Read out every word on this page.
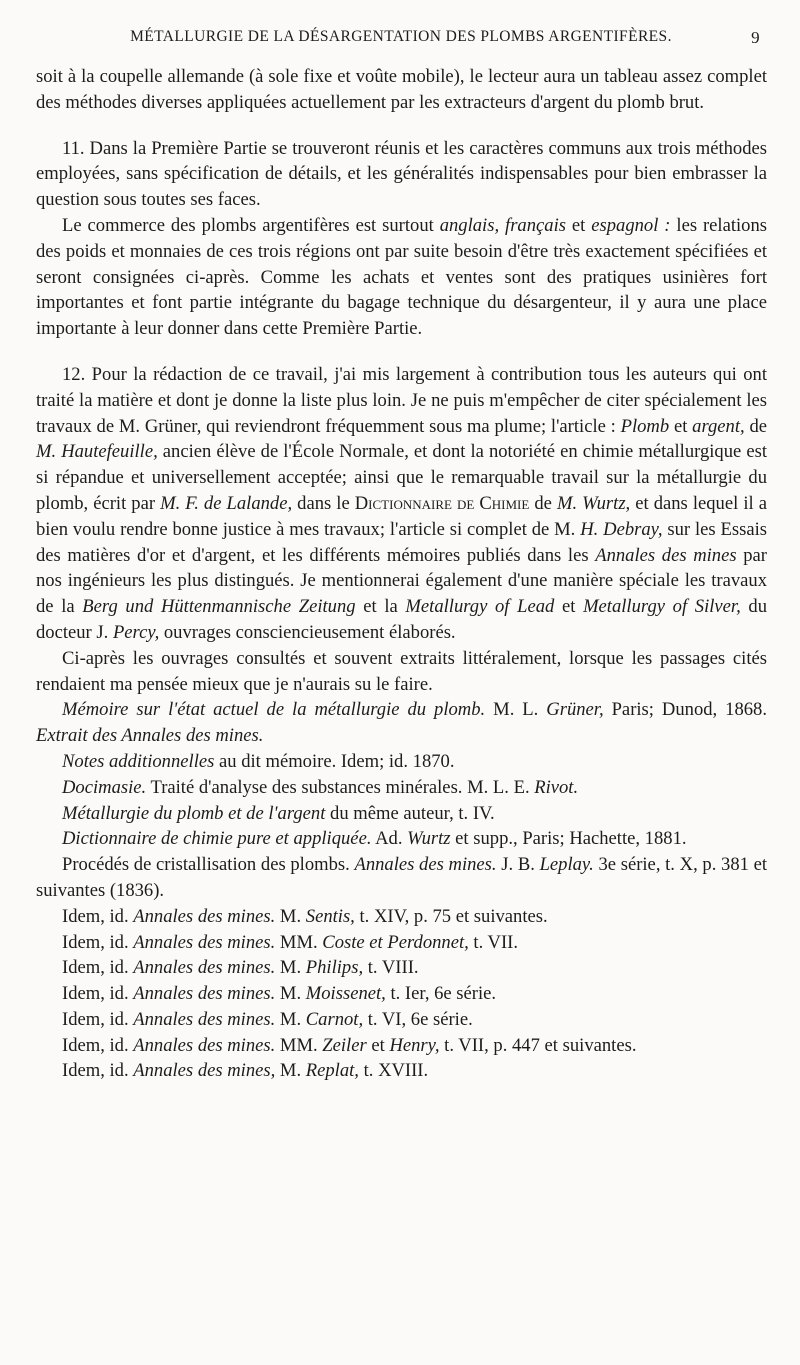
MÉTALLURGIE DE LA DÉSARGENTATION DES PLOMBS ARGENTIFÈRES.	9

soit à la coupelle allemande (à sole fixe et voûte mobile), le lecteur aura un tableau assez complet des méthodes diverses appliquées actuellement par les extracteurs d'argent du plomb brut.

11. Dans la Première Partie se trouveront réunis et les caractères communs aux trois méthodes employées, sans spécification de détails, et les généralités indispensables pour bien embrasser la question sous toutes ses faces.

Le commerce des plombs argentifères est surtout anglais, français et espagnol : les relations des poids et monnaies de ces trois régions ont par suite besoin d'être très exactement spécifiées et seront consignées ci-après. Comme les achats et ventes sont des pratiques usinières fort importantes et font partie intégrante du bagage technique du désargenteur, il y aura une place importante à leur donner dans cette Première Partie.

12. Pour la rédaction de ce travail, j'ai mis largement à contribution tous les auteurs qui ont traité la matière et dont je donne la liste plus loin. Je ne puis m'empêcher de citer spécialement les travaux de M. Grüner, qui reviendront fréquemment sous ma plume; l'article : Plomb et argent, de M. Hautefeuille, ancien élève de l'École Normale, et dont la notoriété en chimie métallurgique est si répandue et universellement acceptée; ainsi que le remarquable travail sur la métallurgie du plomb, écrit par M. F. de Lalande, dans le Dictionnaire de Chimie de M. Wurtz, et dans lequel il a bien voulu rendre bonne justice à mes travaux; l'article si complet de M. H. Debray, sur les Essais des matières d'or et d'argent, et les différents mémoires publiés dans les Annales des mines par nos ingénieurs les plus distingués. Je mentionnerai également d'une manière spéciale les travaux de la Berg und Hüttenmannische Zeitung et la Metallurgy of Lead et Metallurgy of Silver, du docteur J. Percy, ouvrages consciencieusement élaborés.

Ci-après les ouvrages consultés et souvent extraits littéralement, lorsque les passages cités rendaient ma pensée mieux que je n'aurais su le faire.

Mémoire sur l'état actuel de la métallurgie du plomb. M. L. Grüner, Paris; Dunod, 1868. Extrait des Annales des mines.

Notes additionnelles au dit mémoire. Idem; id. 1870.

Docimasie. Traité d'analyse des substances minérales. M. L. E. Rivot.

Métallurgie du plomb et de l'argent du même auteur, t. IV.

Dictionnaire de chimie pure et appliquée. Ad. Wurtz et supp., Paris; Hachette, 1881.

Procédés de cristallisation des plombs. Annales des mines. J. B. Leplay. 3e série, t. X, p. 381 et suivantes (1836).

Idem, id. Annales des mines. M. Sentis, t. XIV, p. 75 et suivantes.

Idem, id. Annales des mines. MM. Coste et Perdonnet, t. VII.

Idem, id. Annales des mines. M. Philips, t. VIII.

Idem, id. Annales des mines. M. Moissenet, t. Ier, 6e série.

Idem, id. Annales des mines. M. Carnot, t. VI, 6e série.

Idem, id. Annales des mines. MM. Zeiler et Henry, t. VII, p. 447 et suivantes.

Idem, id. Annales des mines, M. Replat, t. XVIII.
